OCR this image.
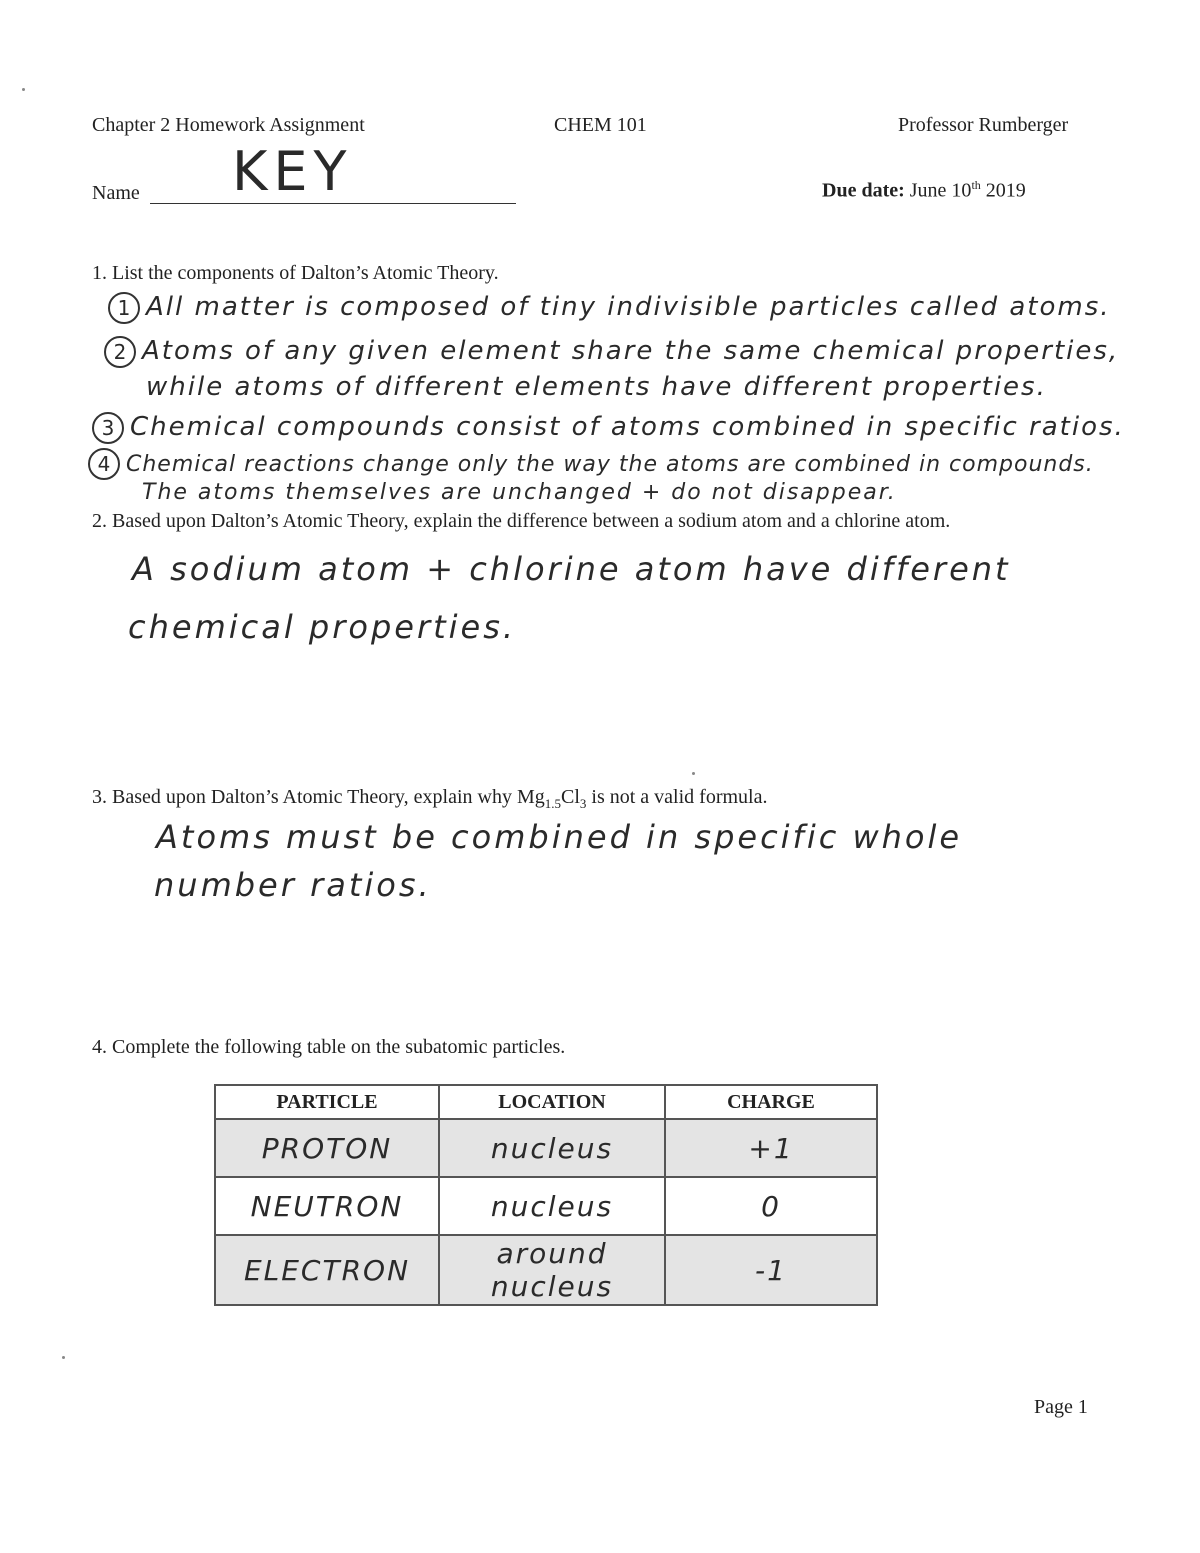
Chapter 2 Homework Assignment	CHEM 101	Professor Rumberger
Name KEY	Due date: June 10th 2019
1. List the components of Dalton’s Atomic Theory.
1 All matter is composed of tiny indivisible particles called atoms.
2 Atoms of any given element share the same chemical properties,
while atoms of different elements have different properties.
3 Chemical compounds consist of atoms combined in specific ratios.
4 Chemical reactions change only the way the atoms are combined in compounds.
The atoms themselves are unchanged + do not disappear.
2. Based upon Dalton’s Atomic Theory, explain the difference between a sodium atom and a chlorine atom.
A sodium atom + chlorine atom have different
chemical properties.
3. Based upon Dalton’s Atomic Theory, explain why $Mg_{1.5}Cl_3$ is not a valid formula.
Atoms must be combined in specific whole
number ratios.
4. Complete the following table on the subatomic particles.
PARTICLE	LOCATION	CHARGE
PROTON	nucleus	+1
NEUTRON	nucleus	0
ELECTRON	around nucleus	-1
Page 1
